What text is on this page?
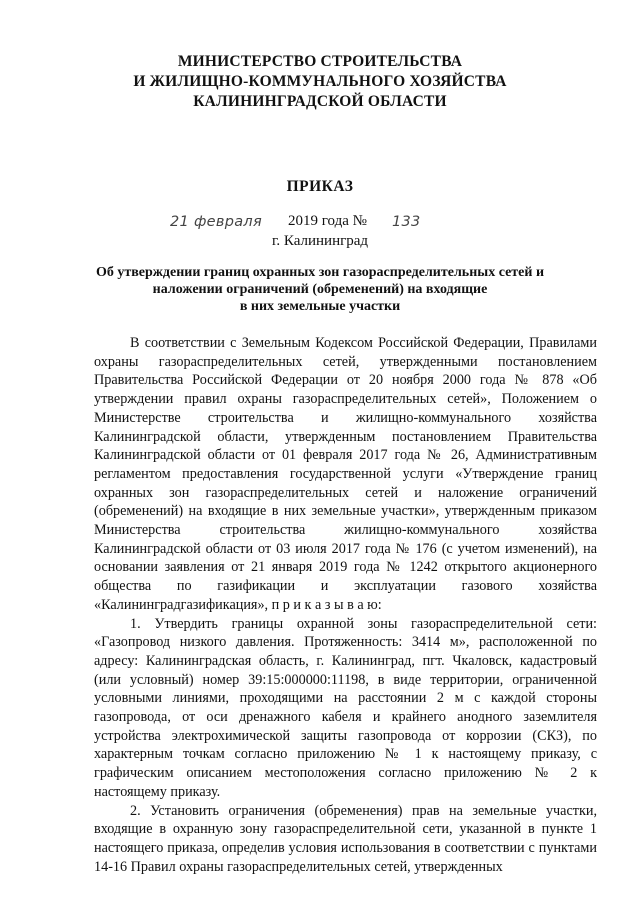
МИНИСТЕРСТВО СТРОИТЕЛЬСТВА
И ЖИЛИЩНО-КОММУНАЛЬНОГО ХОЗЯЙСТВА
КАЛИНИНГРАДСКОЙ ОБЛАСТИ
ПРИКАЗ
21 февраля 2019 года № 133
г. Калининград
Об утверждении границ охранных зон газораспределительных сетей и
наложении ограничений (обременений) на входящие
в них земельные участки

В соответствии с Земельным Кодексом Российской Федерации, Правилами охраны газораспределительных сетей, утвержденными постановлением Правительства Российской Федерации от 20 ноября 2000 года № 878 «Об утверждении правил охраны газораспределительных сетей», Положением о Министерстве строительства и жилищно-коммунального хозяйства Калининградской области, утвержденным постановлением Правительства Калининградской области от 01 февраля 2017 года № 26, Административным регламентом предоставления государственной услуги «Утверждение границ охранных зон газораспределительных сетей и наложение ограничений (обременений) на входящие в них земельные участки», утвержденным приказом Министерства строительства жилищно-коммунального хозяйства Калининградской области от 03 июля 2017 года № 176 (с учетом изменений), на основании заявления от 21 января 2019 года № 1242 открытого акционерного общества по газификации и эксплуатации газового хозяйства «Калининградгазификация», п р и к а з ы в а ю:

1. Утвердить границы охранной зоны газораспределительной сети: «Газопровод низкого давления. Протяженность: 3414 м», расположенной по адресу: Калининградская область, г. Калининград, пгт. Чкаловск, кадастровый (или условный) номер 39:15:000000:11198, в виде территории, ограниченной условными линиями, проходящими на расстоянии 2 м с каждой стороны газопровода, от оси дренажного кабеля и крайнего анодного заземлителя устройства электрохимической защиты газопровода от коррозии (СКЗ), по характерным точкам согласно приложению № 1 к настоящему приказу, с графическим описанием местоположения согласно приложению № 2 к настоящему приказу.

2. Установить ограничения (обременения) прав на земельные участки, входящие в охранную зону газораспределительной сети, указанной в пункте 1 настоящего приказа, определив условия использования в соответствии с пунктами 14-16 Правил охраны газораспределительных сетей, утвержденных
